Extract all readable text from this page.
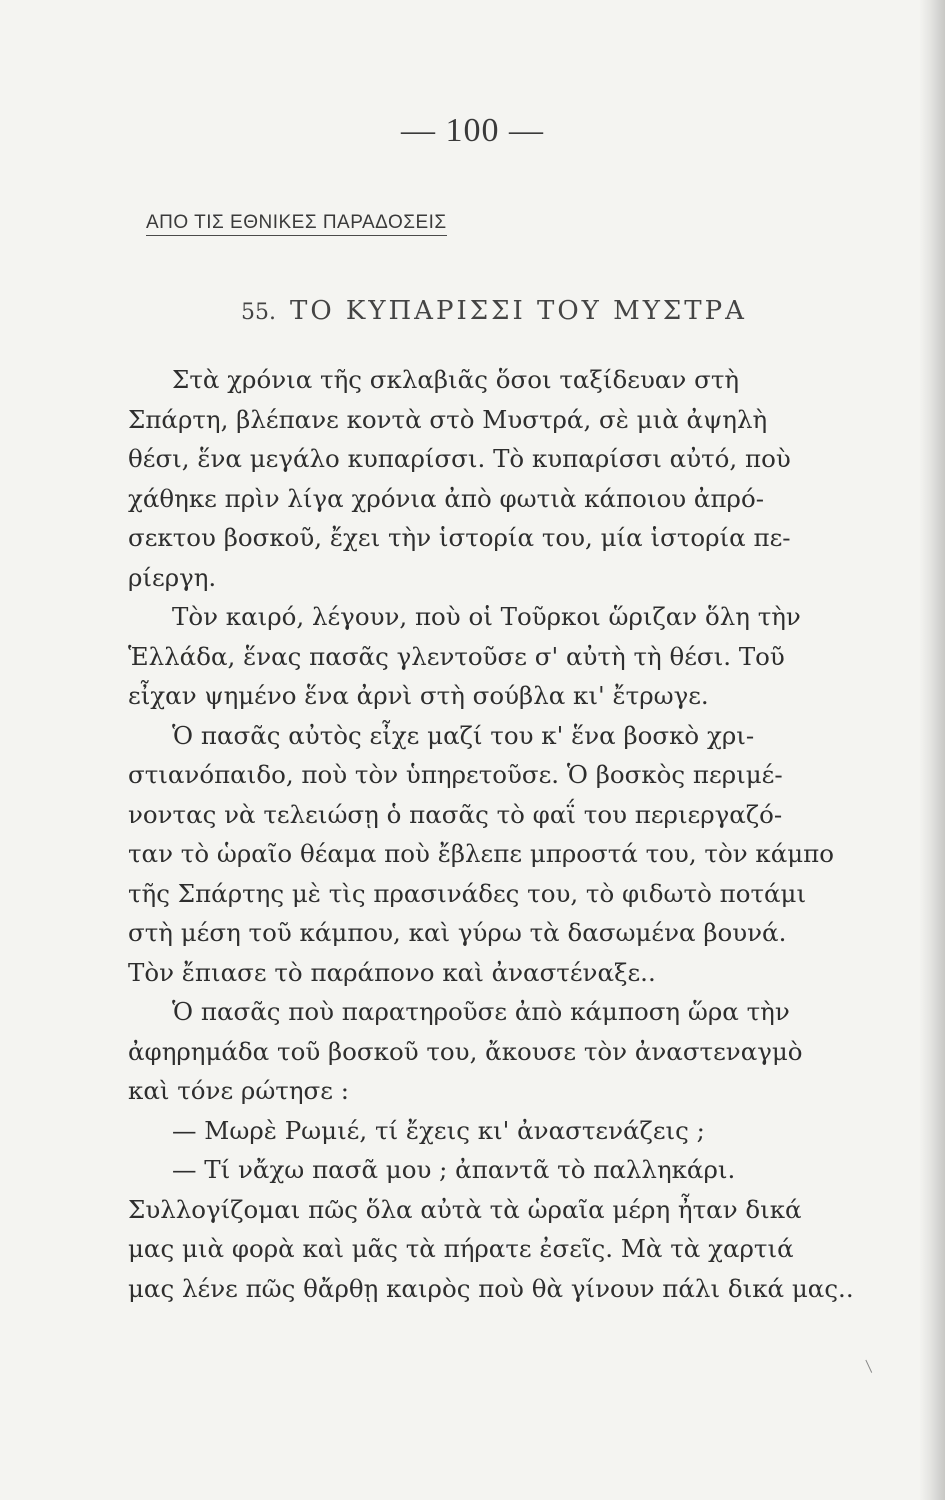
— 100 —
ΑΠΟ ΤΙΣ ΕΘΝΙΚΕΣ ΠΑΡΑΔΟΣΕΙΣ
55. ΤΟ ΚΥΠΑΡΙΣΣΙ ΤΟΥ ΜΥΣΤΡΑ
Στὰ χρόνια τῆς σκλαβιᾶς ὅσοι ταξίδευαν στὴ
Σπάρτη, βλέπανε κοντὰ στὸ Μυστρά, σὲ μιὰ ἀψηλὴ
θέσι, ἕνα μεγάλο κυπαρίσσι. Τὸ κυπαρίσσι αὐτό, ποὺ
χάθηκε πρὶν λίγα χρόνια ἀπὸ φωτιὰ κάποιου ἀπρό-
σεκτου βοσκοῦ, ἔχει τὴν ἱστορία του, μία ἱστορία πε-
ρίεργη.
Τὸν καιρό, λέγουν, ποὺ οἱ Τοῦρκοι ὥριζαν ὅλη τὴν
Ἑλλάδα, ἕνας πασᾶς γλεντοῦσε σ' αὐτὴ τὴ θέσι. Τοῦ
εἶχαν ψημένο ἕνα ἀρνὶ στὴ σούβλα κι' ἔτρωγε.
Ὁ πασᾶς αὐτὸς εἶχε μαζί του κ' ἕνα βοσκὸ χρι-
στιανόπαιδο, ποὺ τὸν ὑπηρετοῦσε. Ὁ βοσκὸς περιμέ-
νοντας νὰ τελειώσῃ ὁ πασᾶς τὸ φαΐ του περιεργαζό-
ταν τὸ ὡραῖο θέαμα ποὺ ἔβλεπε μπροστά του, τὸν κάμπο
τῆς Σπάρτης μὲ τὶς πρασινάδες του, τὸ φιδωτὸ ποτάμι
στὴ μέση τοῦ κάμπου, καὶ γύρω τὰ δασωμένα βουνά.
Τὸν ἔπιασε τὸ παράπονο καὶ ἀναστέναξε..
Ὁ πασᾶς ποὺ παρατηροῦσε ἀπὸ κάμποση ὥρα τὴν
ἀφηρημάδα τοῦ βοσκοῦ του, ἄκουσε τὸν ἀναστεναγμὸ
καὶ τόνε ρώτησε :
— Μωρὲ Ρωμιέ, τί ἔχεις κι' ἀναστενάζεις ;
— Τί νἄχω πασᾶ μου ; ἀπαντᾶ τὸ παλληκάρι.
Συλλογίζομαι πῶς ὅλα αὐτὰ τὰ ὡραῖα μέρη ἦταν δικά
μας μιὰ φορὰ καὶ μᾶς τὰ πήρατε ἐσεῖς. Μὰ τὰ χαρτιά
μας λένε πῶς θἄρθῃ καιρὸς ποὺ θὰ γίνουν πάλι δικά μας..
